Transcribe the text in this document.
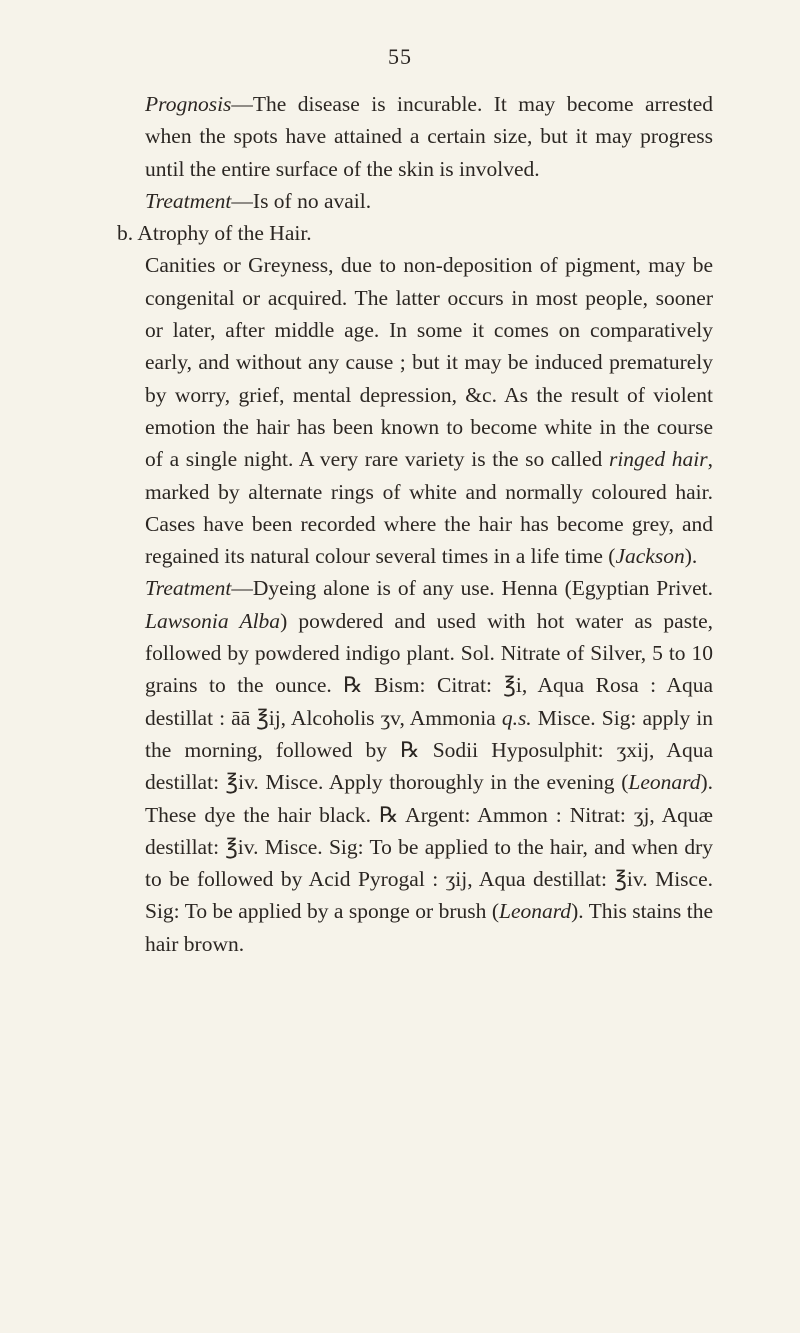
55

Prognosis—The disease is incurable. It may become arrested when the spots have attained a certain size, but it may progress until the entire surface of the skin is involved.

Treatment—Is of no avail.

b. Atrophy of the Hair.

Canities or Greyness, due to non-deposition of pigment, may be congenital or acquired. The latter occurs in most people, sooner or later, after middle age. In some it comes on comparatively early, and without any cause ; but it may be induced prematurely by worry, grief, mental depression, &c. As the result of violent emotion the hair has been known to become white in the course of a single night. A very rare variety is the so called ringed hair, marked by alternate rings of white and normally coloured hair. Cases have been recorded where the hair has become grey, and regained its natural colour several times in a life time (Jackson).

Treatment—Dyeing alone is of any use. Henna (Egyptian Privet. Lawsonia Alba) powdered and used with hot water as paste, followed by powdered indigo plant. Sol. Nitrate of Silver, 5 to 10 grains to the ounce. ℞ Bism: Citrat: ℥i, Aqua Rosa : Aqua destillat : āā ℥ij, Alcoholis ʒv, Ammonia q.s. Misce. Sig: apply in the morning, followed by ℞ Sodii Hyposulphit: ʒxij, Aqua destillat: ℥iv. Misce. Apply thoroughly in the evening (Leonard). These dye the hair black. ℞ Argent: Ammon : Nitrat: ʒj, Aquæ destillat: ℥iv. Misce. Sig: To be applied to the hair, and when dry to be followed by Acid Pyrogal : ʒij, Aqua destillat: ℥iv. Misce. Sig: To be applied by a sponge or brush (Leonard). This stains the hair brown.
